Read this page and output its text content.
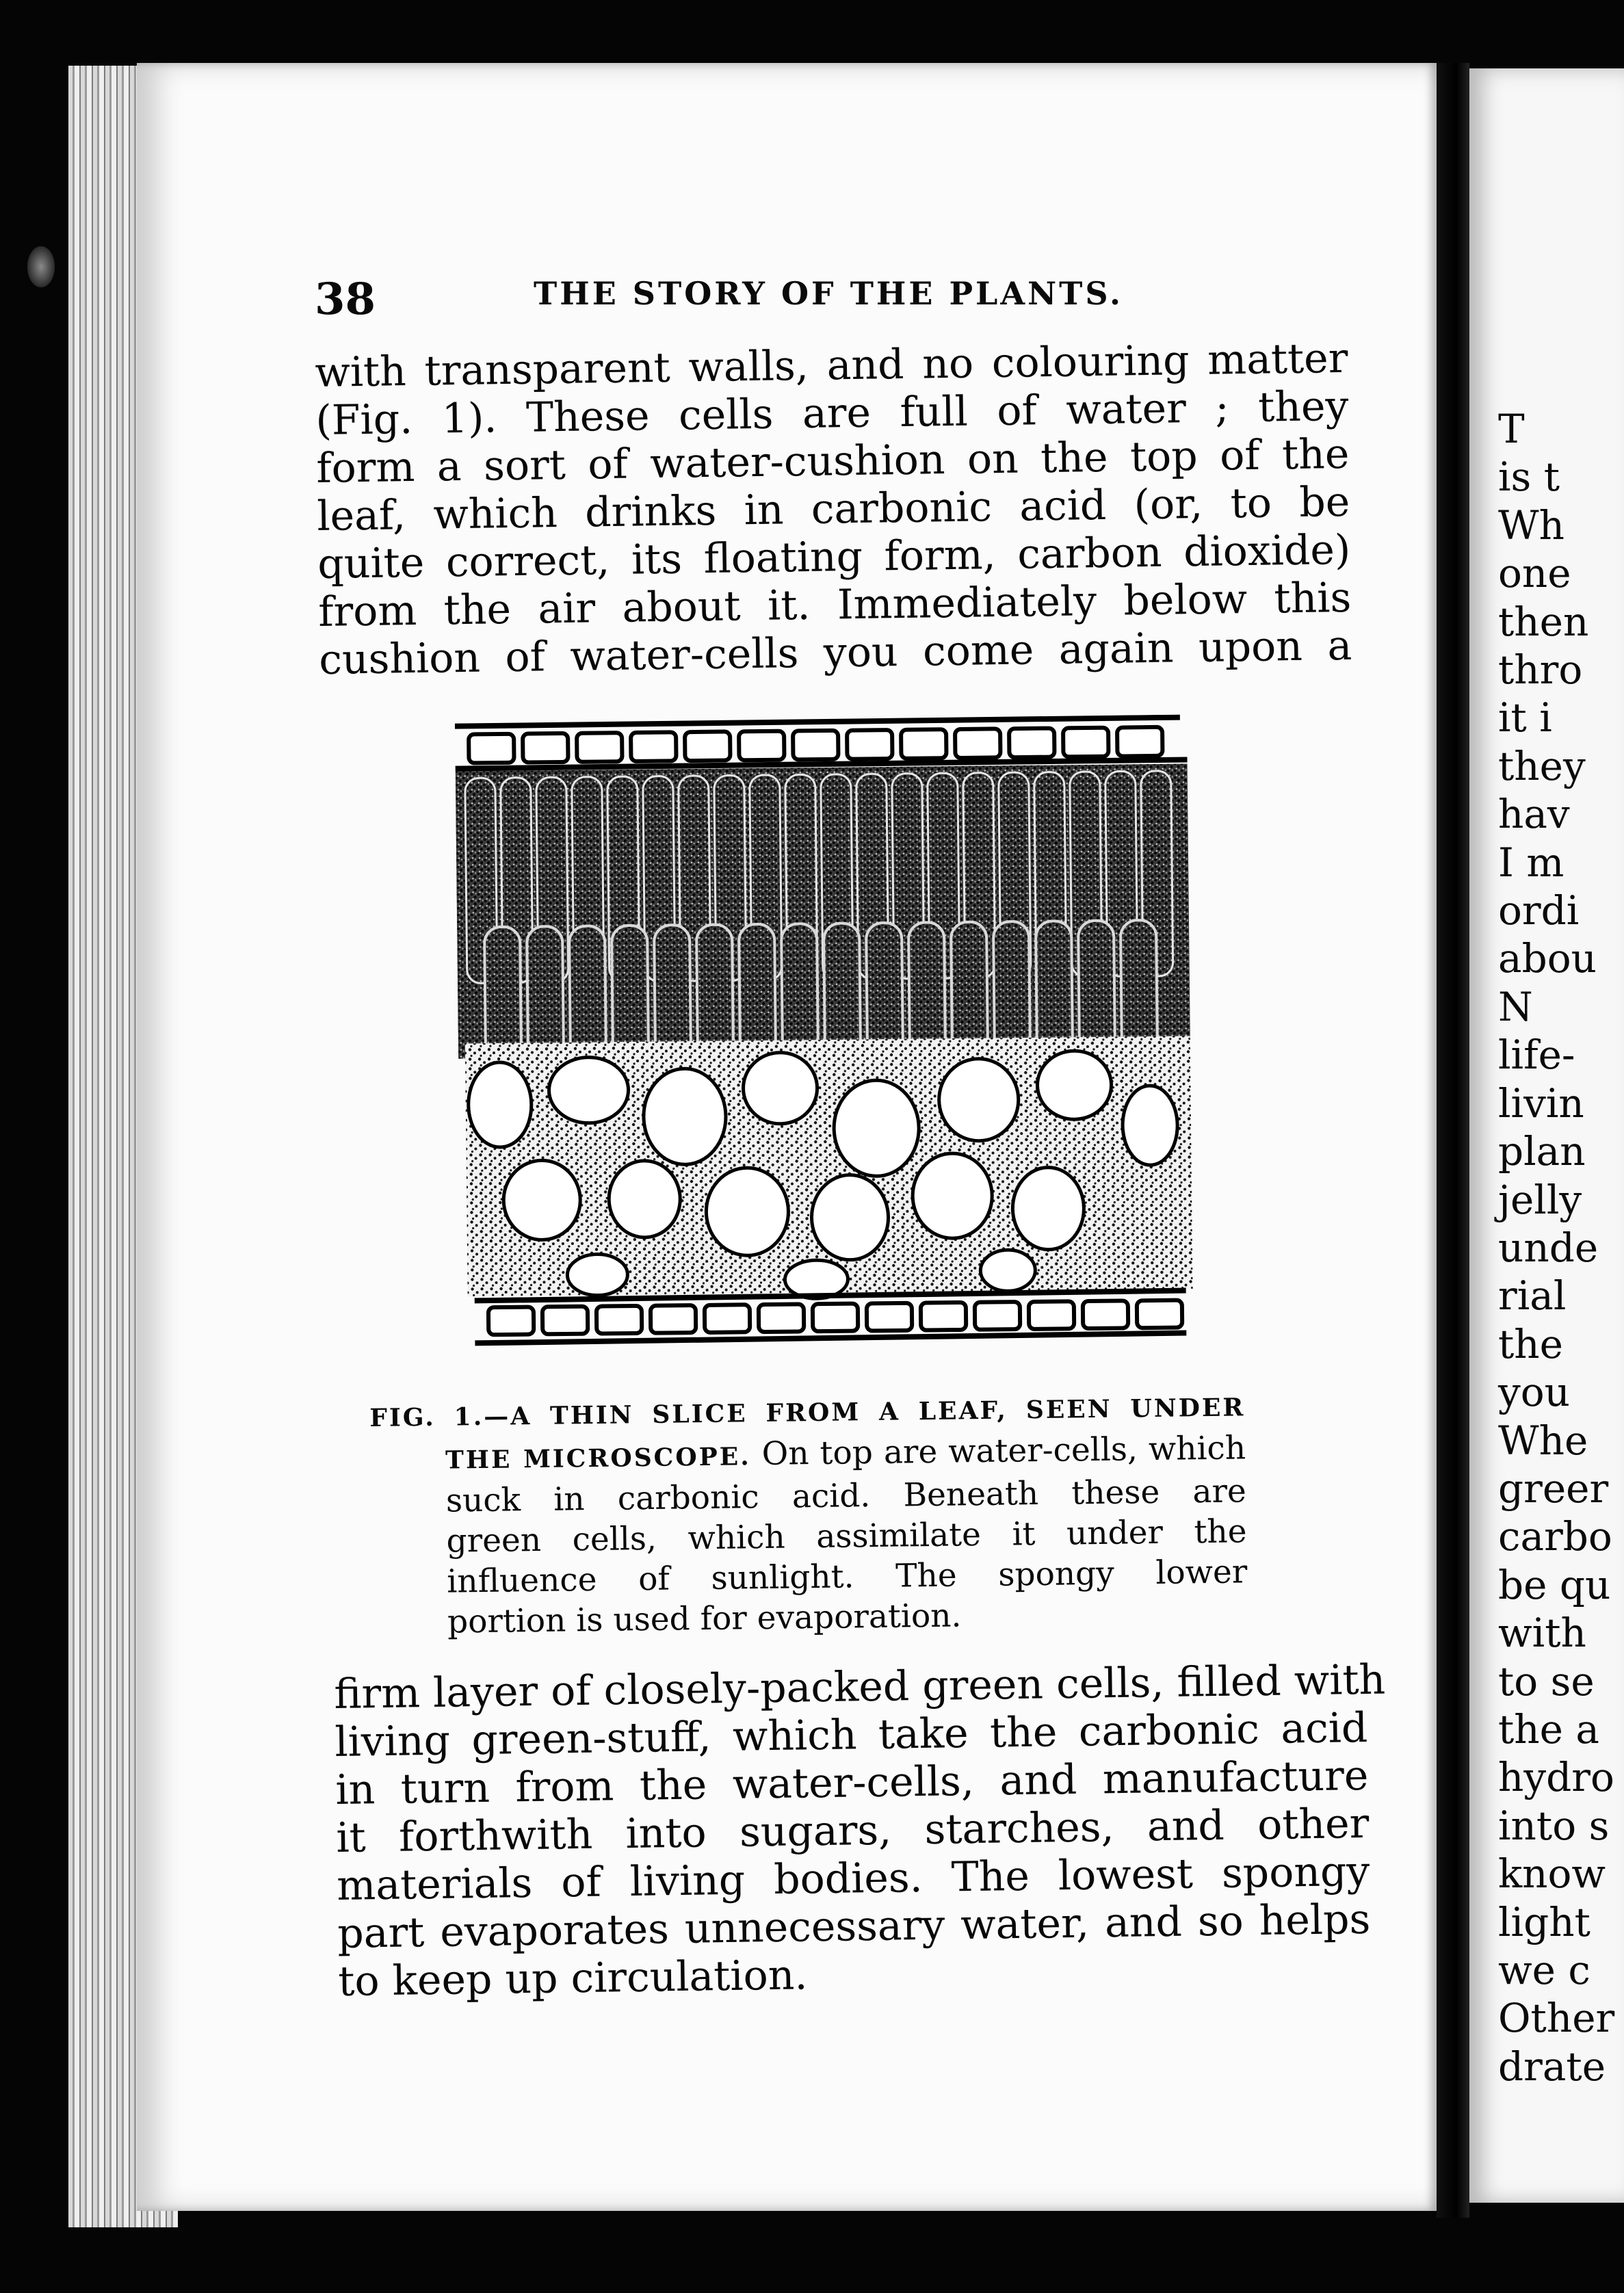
38	THE STORY OF THE PLANTS.
with transparent walls, and no colouring matter
(Fig. 1). These cells are full of water ; they
form a sort of water-cushion on the top of the
leaf, which drinks in carbonic acid (or, to be
quite correct, its floating form, carbon dioxide)
from the air about it. Immediately below this
cushion of water-cells you come again upon a
FIG. 1.—A THIN SLICE FROM A LEAF, SEEN UNDER
THE MICROSCOPE. On top are water-cells, which
suck in carbonic acid. Beneath these are
green cells, which assimilate it under the
influence of sunlight. The spongy lower
portion is used for evaporation.
firm layer of closely-packed green cells, filled with
living green-stuff, which take the carbonic acid
in turn from the water-cells, and manufacture
it forthwith into sugars, starches, and other
materials of living bodies. The lowest spongy
part evaporates unnecessary water, and so helps
to keep up circulation.
T
is t
Wh
one
then
thro
it i
they
hav
I m
ordi
abou
N
life-
livin
plan
jelly
unde
rial
the
you
Whe
greer
carbo
be qu
with
to se
the a
hydro
into s
know
light
we c
Other
drate
